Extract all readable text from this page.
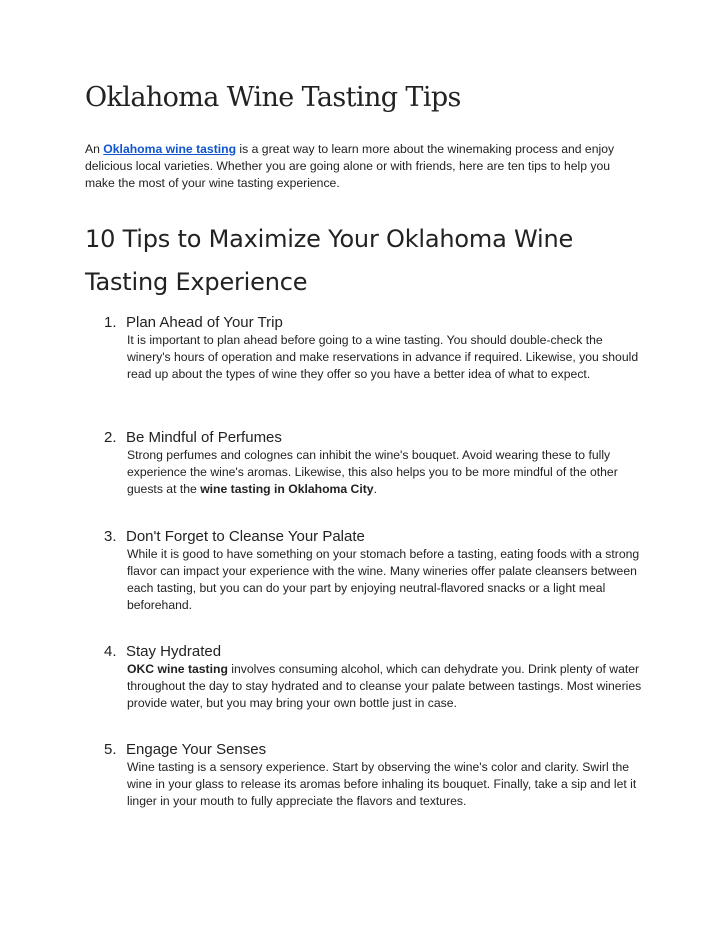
Oklahoma Wine Tasting Tips

An Oklahoma wine tasting is a great way to learn more about the winemaking process and enjoy delicious local varieties. Whether you are going alone or with friends, here are ten tips to help you make the most of your wine tasting experience.

10 Tips to Maximize Your Oklahoma Wine Tasting Experience
1. Plan Ahead of Your Trip
It is important to plan ahead before going to a wine tasting. You should double-check the winery's hours of operation and make reservations in advance if required. Likewise, you should read up about the types of wine they offer so you have a better idea of what to expect.
2. Be Mindful of Perfumes
Strong perfumes and colognes can inhibit the wine's bouquet. Avoid wearing these to fully experience the wine's aromas. Likewise, this also helps you to be more mindful of the other guests at the wine tasting in Oklahoma City.
3. Don't Forget to Cleanse Your Palate
While it is good to have something on your stomach before a tasting, eating foods with a strong flavor can impact your experience with the wine. Many wineries offer palate cleansers between each tasting, but you can do your part by enjoying neutral-flavored snacks or a light meal beforehand.
4. Stay Hydrated
OKC wine tasting involves consuming alcohol, which can dehydrate you. Drink plenty of water throughout the day to stay hydrated and to cleanse your palate between tastings. Most wineries provide water, but you may bring your own bottle just in case.
5. Engage Your Senses
Wine tasting is a sensory experience. Start by observing the wine's color and clarity. Swirl the wine in your glass to release its aromas before inhaling its bouquet. Finally, take a sip and let it linger in your mouth to fully appreciate the flavors and textures.
